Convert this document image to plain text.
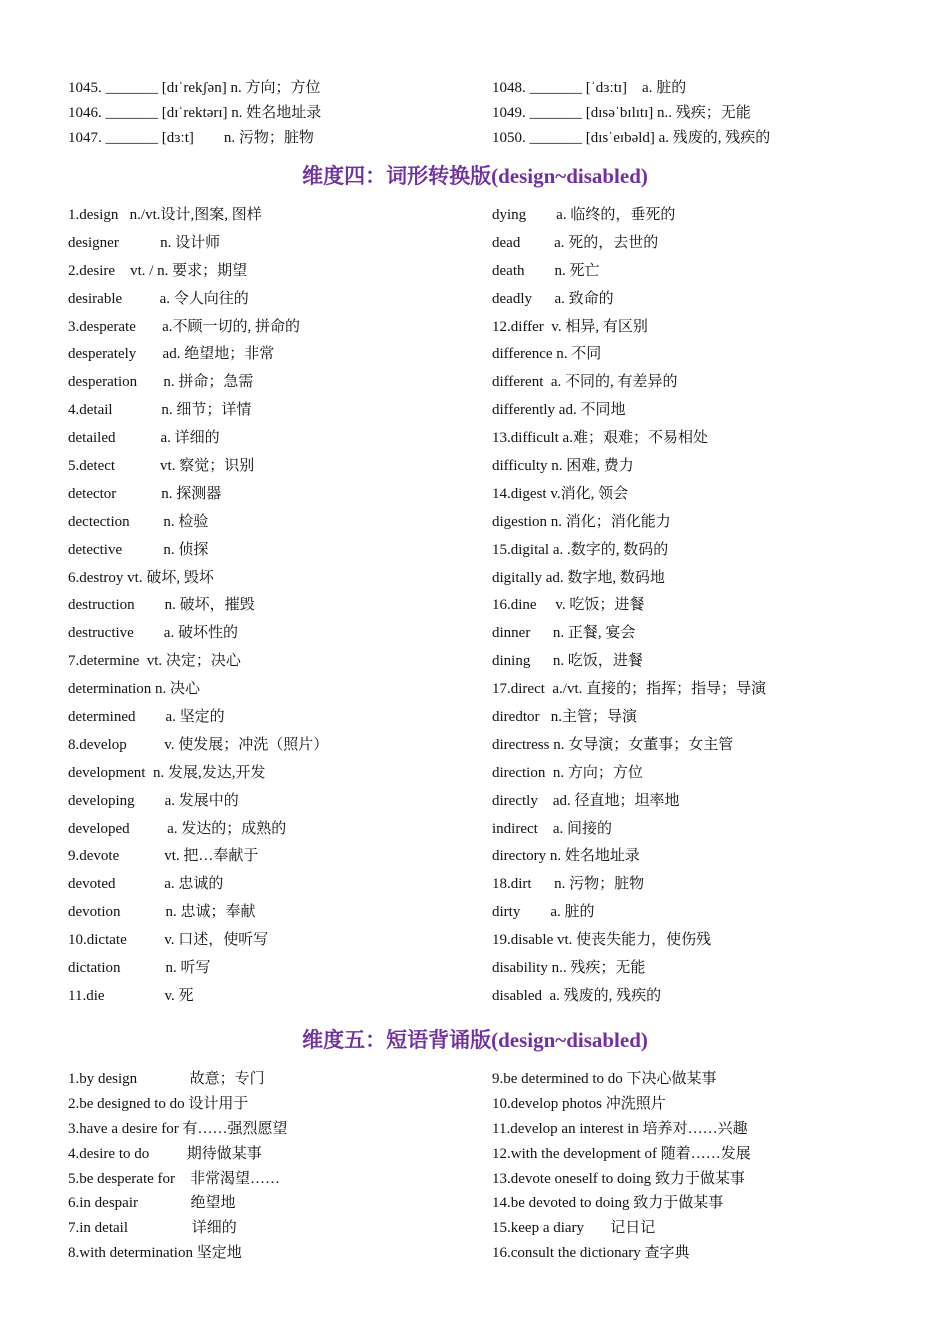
1045. _______ [dɪˈrekʃən] n. 方向；方位
1046. _______ [dɪˈrektərɪ] n. 姓名地址录
1047. _______ [dɜːt]        n. 污物；脏物
1048. _______ [ˈdɜːtɪ]    a. 脏的
1049. _______ [dɪsəˈbɪlɪtɪ] n.. 残疾；无能
1050. _______ [dɪsˈeɪbəld] a. 残废的, 残疾的
维度四：词形转换版(design~disabled)
1.design   n./vt.设计,图案, 图样
designer           n. 设计师
2.desire    vt. / n. 要求；期望
desirable          a. 令人向往的
3.desperate       a.不顾一切的, 拼命的
desperately       ad. 绝望地；非常
desperation       n. 拼命；急需
4.detail             n. 细节；详情
detailed            a. 详细的
5.detect            vt. 察觉；识别
detector            n. 探测器
dectection         n. 检验
detective           n. 侦探
6.destroy vt. 破坏, 毁坏
destruction        n. 破坏，摧毁
destructive        a. 破坏性的
7.determine  vt. 决定；决心
determination n. 决心
determined        a. 坚定的
8.develop          v. 使发展；冲洗（照片）
development  n. 发展,发达,开发
developing        a. 发展中的
developed          a. 发达的；成熟的
9.devote            vt. 把…奉献于
devoted             a. 忠诚的
devotion            n. 忠诚；奉献
10.dictate          v. 口述，使听写
dictation            n. 听写
11.die                v. 死
dying        a. 临终的，垂死的
dead         a. 死的，去世的
death        n. 死亡
deadly      a. 致命的
12.differ  v. 相异, 有区别
difference n. 不同
different  a. 不同的, 有差异的
differently ad. 不同地
13.difficult a.难；艰难；不易相处
difficulty n. 困难, 费力
14.digest v.消化, 领会
digestion n. 消化；消化能力
15.digital a. .数字的, 数码的
digitally ad. 数字地, 数码地
16.dine     v. 吃饭；进餐
dinner      n. 正餐, 宴会
dining      n. 吃饭，进餐
17.direct  a./vt. 直接的；指挥；指导；导演
diredtor   n.主管；导演
directress n. 女导演；女董事；女主管
direction  n. 方向；方位
directly    ad. 径直地；坦率地
indirect    a. 间接的
directory n. 姓名地址录
18.dirt      n. 污物；脏物
dirty        a. 脏的
19.disable vt. 使丧失能力，使伤残
disability n.. 残疾；无能
disabled  a. 残废的, 残疾的
维度五：短语背诵版(design~disabled)
1.by design              故意；专门
2.be designed to do 设计用于
3.have a desire for 有……强烈愿望
4.desire to do          期待做某事
5.be desperate for    非常渴望……
6.in despair              绝望地
7.in detail                 详细的
8.with determination 坚定地
9.be determined to do 下决心做某事
10.develop photos 冲洗照片
11.develop an interest in 培养对……兴趣
12.with the development of 随着……发展
13.devote oneself to doing 致力于做某事
14.be devoted to doing 致力于做某事
15.keep a diary       记日记
16.consult the dictionary 查字典
